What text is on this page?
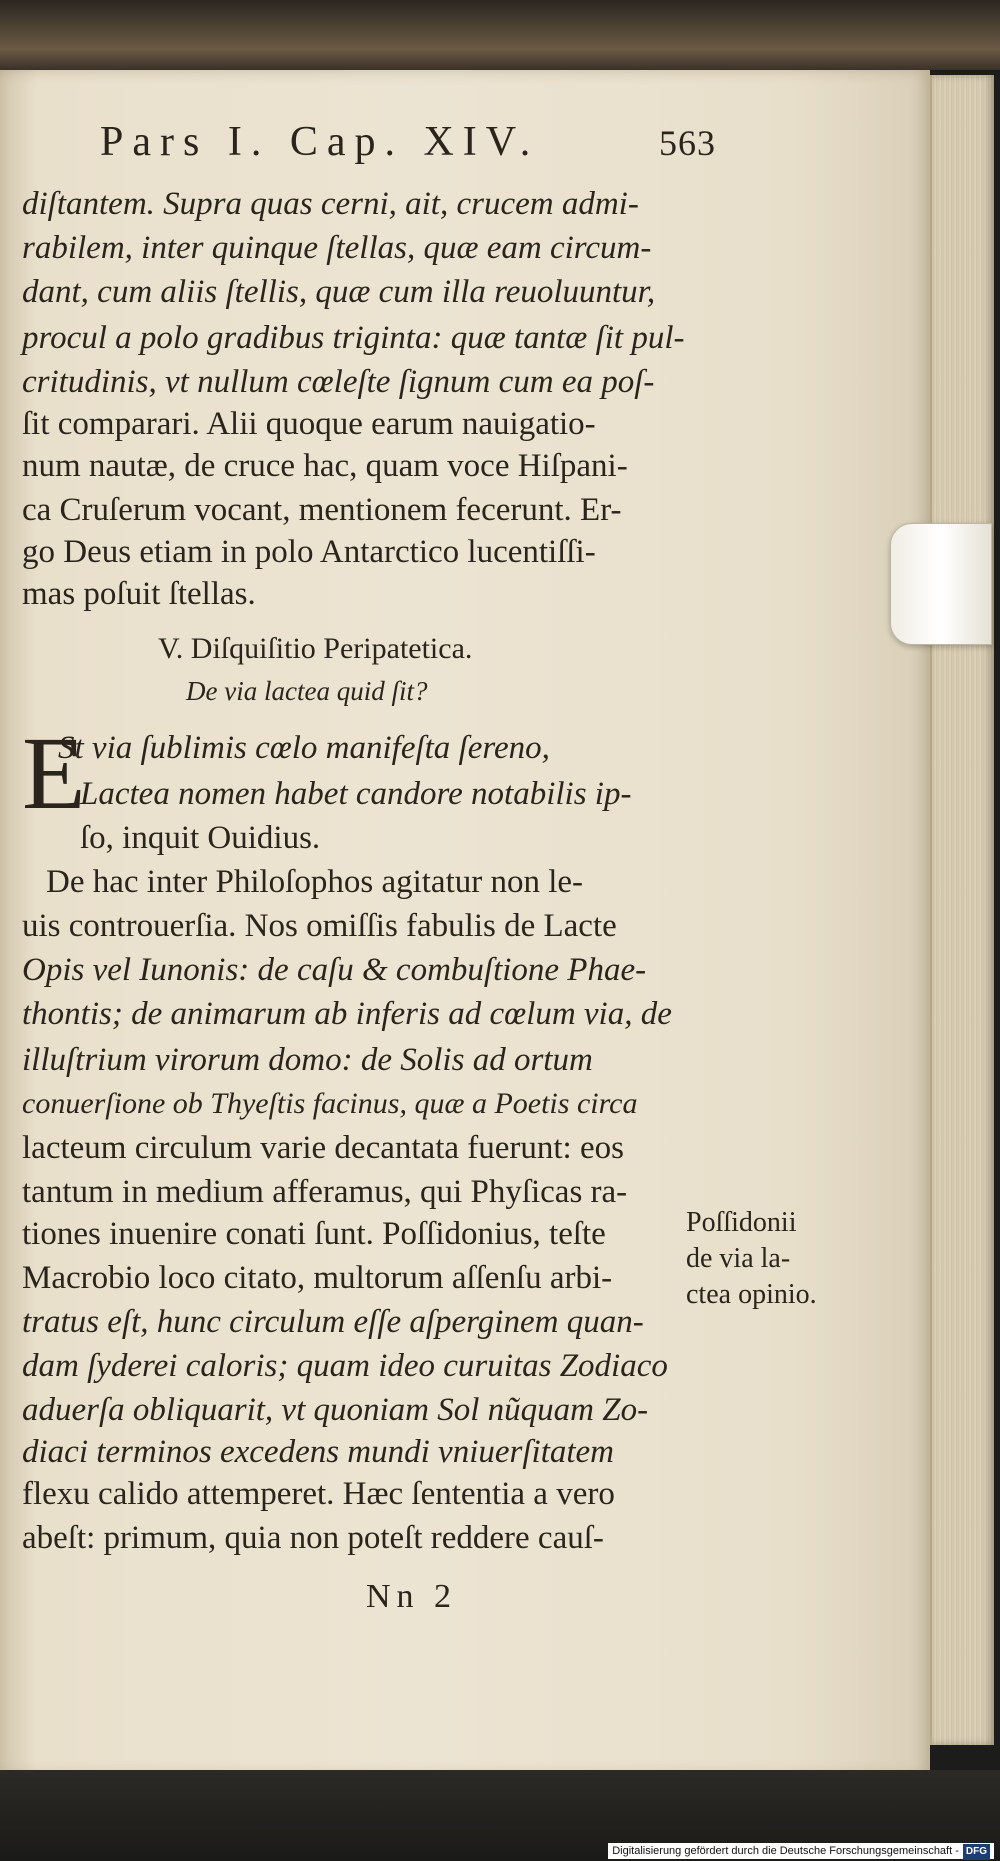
Pars I. Cap. XIV.	563
diſtantem. Supra quas cerni, ait, crucem admi-
rabilem, inter quinque ſtellas, quæ eam circum-
dant, cum aliis ſtellis, quæ cum illa reuoluuntur,
procul a polo gradibus triginta: quæ tantæ ſit pul-
critudinis, vt nullum cœleſte ſignum cum ea poſ-
ſit comparari. Alii quoque earum nauigatio-
num nautæ, de cruce hac, quam voce Hiſpani-
ca Cruſerum vocant, mentionem fecerunt. Er-
go Deus etiam in polo Antarctico lucentiſſi-
mas poſuit ſtellas.
V. Diſquiſitio Peripatetica.
De via lactea quid ſit?
E
St via ſublimis cœlo manifeſta ſereno,
Lactea nomen habet candore notabilis ip-
ſo, inquit Ouidius.
De hac inter Philoſophos agitatur non le-
uis controuerſia. Nos omiſſis fabulis de Lacte
Opis vel Iunonis: de caſu & combuſtione Phae-
thontis; de animarum ab inferis ad cœlum via, de
illuſtrium virorum domo: de Solis ad ortum
conuerſione ob Thyeſtis facinus, quæ a Poetis circa
lacteum circulum varie decantata fuerunt: eos
tantum in medium afferamus, qui Phyſicas ra-
tiones inuenire conati ſunt. Poſſidonius, teſte
Macrobio loco citato, multorum aſſenſu arbi-
tratus eſt, hunc circulum eſſe aſperginem quan-
dam ſyderei caloris; quam ideo curuitas Zodiaco
aduerſa obliquarit, vt quoniam Sol nũquam Zo-
diaci terminos excedens mundi vniuerſitatem
flexu calido attemperet. Hæc ſententia a vero
abeſt: primum, quia non poteſt reddere cauſ-
Poſſidonii
de via la-
ctea opinio.
Nn 2
Digitalisierung gefördert durch die Deutsche Forschungsgemeinschaft - DFG
